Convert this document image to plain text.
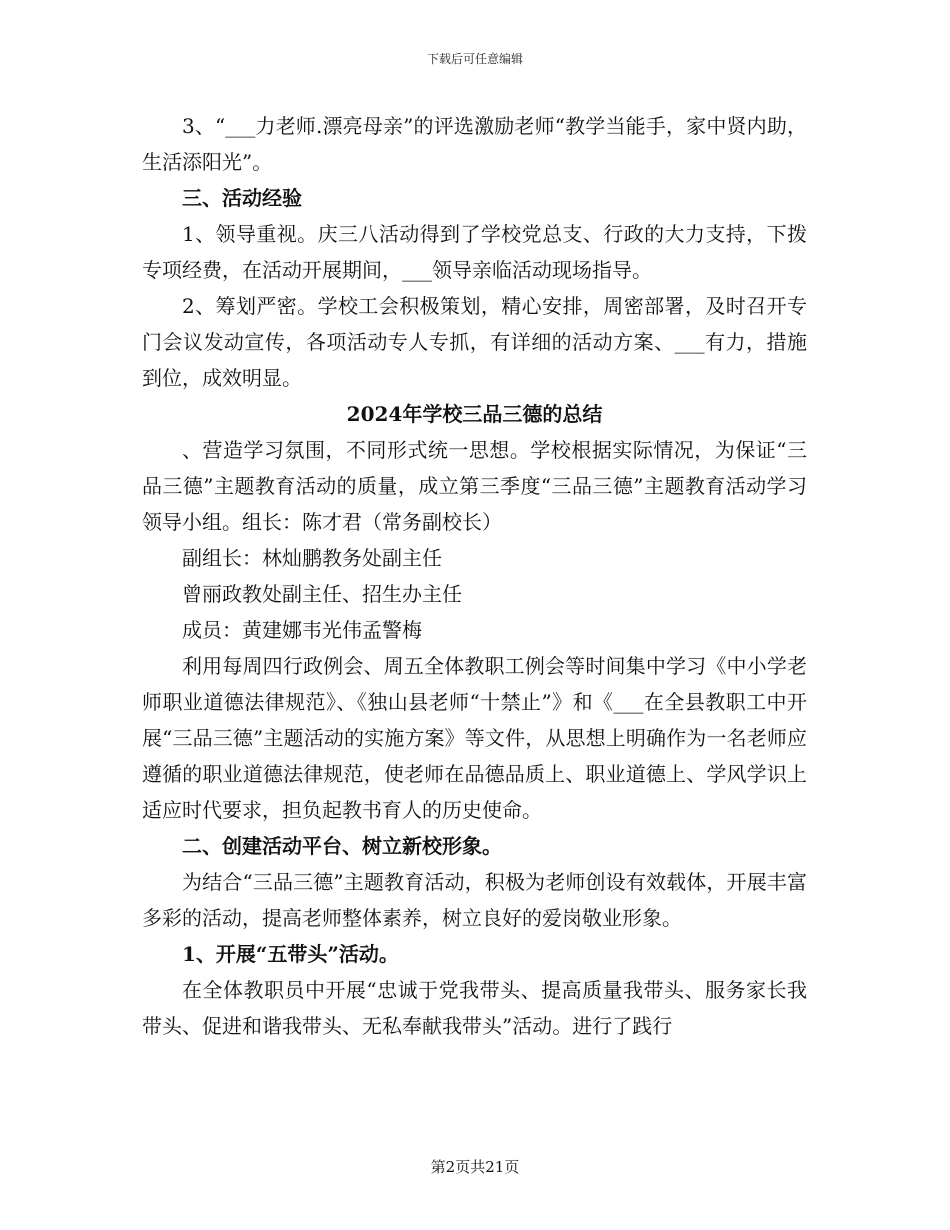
下载后可任意编辑

3、“___力老师.漂亮母亲”的评选激励老师“教学当能手，家中贤内助，生活添阳光”。

三、活动经验

1、领导重视。庆三八活动得到了学校党总支、行政的大力支持，下拨专项经费，在活动开展期间，___领导亲临活动现场指导。

2、筹划严密。学校工会积极策划，精心安排，周密部署，及时召开专门会议发动宣传，各项活动专人专抓，有详细的活动方案、___有力，措施到位，成效明显。

2024年学校三品三德的总结

、营造学习氛围，不同形式统一思想。学校根据实际情况，为保证“三品三德”主题教育活动的质量，成立第三季度“三品三德”主题教育活动学习领导小组。组长：陈才君（常务副校长）

副组长：林灿鹏教务处副主任

曾丽政教处副主任、招生办主任

成员：黄建娜韦光伟孟警梅

利用每周四行政例会、周五全体教职工例会等时间集中学习《中小学老师职业道德法律规范》、《独山县老师“十禁止”》和《___在全县教职工中开展“三品三德”主题活动的实施方案》等文件，从思想上明确作为一名老师应遵循的职业道德法律规范，使老师在品德品质上、职业道德上、学风学识上适应时代要求，担负起教书育人的历史使命。

二、创建活动平台、树立新校形象。

为结合“三品三德”主题教育活动，积极为老师创设有效载体，开展丰富多彩的活动，提高老师整体素养，树立良好的爱岗敬业形象。

1、开展“五带头”活动。

在全体教职员中开展“忠诚于党我带头、提高质量我带头、服务家长我带头、促进和谐我带头、无私奉献我带头”活动。进行了践行

第2页共21页
